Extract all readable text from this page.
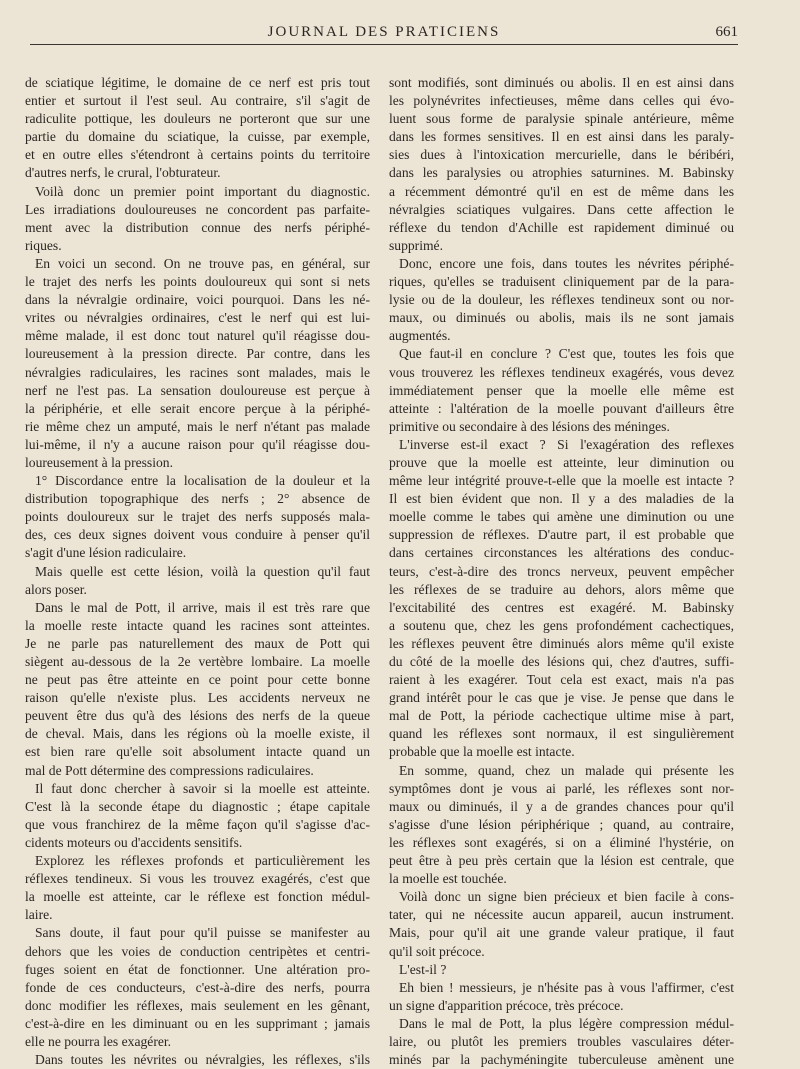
JOURNAL DES PRATICIENS	661

de sciatique légitime, le domaine de ce nerf est pris tout
entier et surtout il l'est seul. Au contraire, s'il s'agit de
radiculite pottique, les douleurs ne porteront que sur une
partie du domaine du sciatique, la cuisse, par exemple,
et en outre elles s'étendront à certains points du territoire
d'autres nerfs, le crural, l'obturateur.

Voilà donc un premier point important du diagnostic.
Les irradiations douloureuses ne concordent pas parfaite-
ment avec la distribution connue des nerfs périphé-
riques.

En voici un second. On ne trouve pas, en général, sur
le trajet des nerfs les points douloureux qui sont si nets
dans la névralgie ordinaire, voici pourquoi. Dans les né-
vrites ou névralgies ordinaires, c'est le nerf qui est lui-
même malade, il est donc tout naturel qu'il réagisse dou-
loureusement à la pression directe. Par contre, dans les
névralgies radiculaires, les racines sont malades, mais le
nerf ne l'est pas. La sensation douloureuse est perçue à
la périphérie, et elle serait encore perçue à la périphé-
rie même chez un amputé, mais le nerf n'étant pas malade
lui-même, il n'y a aucune raison pour qu'il réagisse dou-
loureusement à la pression.

1° Discordance entre la localisation de la douleur et la
distribution topographique des nerfs ; 2° absence de
points douloureux sur le trajet des nerfs supposés mala-
des, ces deux signes doivent vous conduire à penser qu'il
s'agit d'une lésion radiculaire.

Mais quelle est cette lésion, voilà la question qu'il faut
alors poser.

Dans le mal de Pott, il arrive, mais il est très rare que
la moelle reste intacte quand les racines sont atteintes.
Je ne parle pas naturellement des maux de Pott qui
siègent au-dessous de la 2e vertèbre lombaire. La moelle
ne peut pas être atteinte en ce point pour cette bonne
raison qu'elle n'existe plus. Les accidents nerveux ne
peuvent être dus qu'à des lésions des nerfs de la queue
de cheval. Mais, dans les régions où la moelle existe, il
est bien rare qu'elle soit absolument intacte quand un
mal de Pott détermine des compressions radiculaires.

Il faut donc chercher à savoir si la moelle est atteinte.
C'est là la seconde étape du diagnostic ; étape capitale
que vous franchirez de la même façon qu'il s'agisse d'ac-
cidents moteurs ou d'accidents sensitifs.

Explorez les réflexes profonds et particulièrement les
réflexes tendineux. Si vous les trouvez exagérés, c'est que
la moelle est atteinte, car le réflexe est fonction médul-
laire.

Sans doute, il faut pour qu'il puisse se manifester au
dehors que les voies de conduction centripètes et centri-
fuges soient en état de fonctionner. Une altération pro-
fonde de ces conducteurs, c'est-à-dire des nerfs, pourra
donc modifier les réflexes, mais seulement en les gênant,
c'est-à-dire en les diminuant ou en les supprimant ; jamais
elle ne pourra les exagérer.

Dans toutes les névrites ou névralgies, les réflexes, s'ils

sont modifiés, sont diminués ou abolis. Il en est ainsi dans
les polynévrites infectieuses, même dans celles qui évo-
luent sous forme de paralysie spinale antérieure, même
dans les formes sensitives. Il en est ainsi dans les paraly-
sies dues à l'intoxication mercurielle, dans le béribéri,
dans les paralysies ou atrophies saturnines. M. Babinsky
a récemment démontré qu'il en est de même dans les
névralgies sciatiques vulgaires. Dans cette affection le
réflexe du tendon d'Achille est rapidement diminué ou
supprimé.

Donc, encore une fois, dans toutes les névrites périphé-
riques, qu'elles se traduisent cliniquement par de la para-
lysie ou de la douleur, les réflexes tendineux sont ou nor-
maux, ou diminués ou abolis, mais ils ne sont jamais
augmentés.

Que faut-il en conclure ? C'est que, toutes les fois que
vous trouverez les réflexes tendineux exagérés, vous devez
immédiatement penser que la moelle elle même est
atteinte : l'altération de la moelle pouvant d'ailleurs être
primitive ou secondaire à des lésions des méninges.

L'inverse est-il exact ? Si l'exagération des reflexes
prouve que la moelle est atteinte, leur diminution ou
même leur intégrité prouve-t-elle que la moelle est intacte ?
Il est bien évident que non. Il y a des maladies de la
moelle comme le tabes qui amène une diminution ou une
suppression de réflexes. D'autre part, il est probable que
dans certaines circonstances les altérations des conduc-
teurs, c'est-à-dire des troncs nerveux, peuvent empêcher
les réflexes de se traduire au dehors, alors même que
l'excitabilité des centres est exagéré. M. Babinsky
a soutenu que, chez les gens profondément cachectiques,
les réflexes peuvent être diminués alors même qu'il existe
du côté de la moelle des lésions qui, chez d'autres, suffi-
raient à les exagérer. Tout cela est exact, mais n'a pas
grand intérêt pour le cas que je vise. Je pense que dans le
mal de Pott, la période cachectique ultime mise à part,
quand les réflexes sont normaux, il est singulièrement
probable que la moelle est intacte.

En somme, quand, chez un malade qui présente les
symptômes dont je vous ai parlé, les réflexes sont nor-
maux ou diminués, il y a de grandes chances pour qu'il
s'agisse d'une lésion périphérique ; quand, au contraire,
les réflexes sont exagérés, si on a éliminé l'hystérie, on
peut être à peu près certain que la lésion est centrale, que
la moelle est touchée.

Voilà donc un signe bien précieux et bien facile à cons-
tater, qui ne nécessite aucun appareil, aucun instrument.
Mais, pour qu'il ait une grande valeur pratique, il faut
qu'il soit précoce.

L'est-il ?

Eh bien ! messieurs, je n'hésite pas à vous l'affirmer, c'est
un signe d'apparition précoce, très précoce.

Dans le mal de Pott, la plus légère compression médul-
laire, ou plutôt les premiers troubles vasculaires déter-
minés par la pachyméningite tuberculeuse amènent une
